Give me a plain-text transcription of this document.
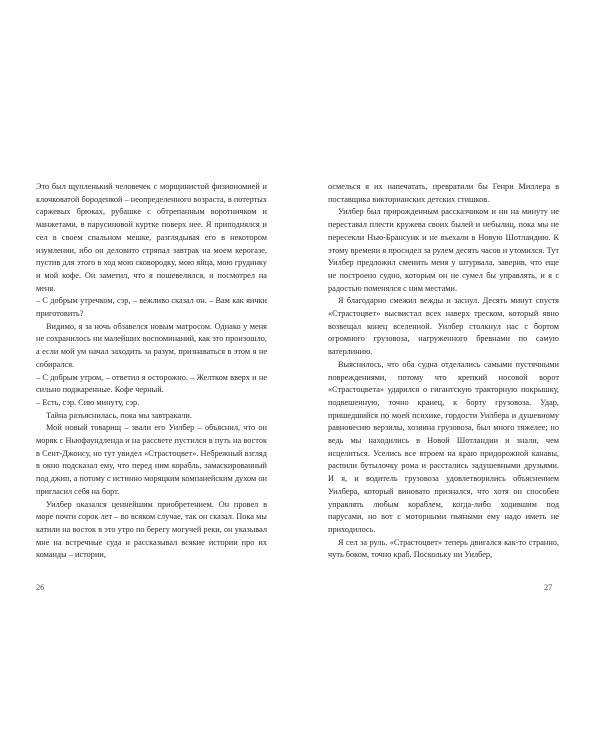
Это был щупленький человечек с морщинистой физиономией и клочковатой бороденкой – неопределенного возраста, в потертых саржевых брюках, рубашке с обтрепанным воротничком и манжетами, в парусиновой куртке поверх нее. Я приподнялся и сел в своем спальном мешке, разглядывая его в некотором изумлении, ибо он деловито стряпал завтрак на моем керогазе, пустив для этого в ход мою сковородку, мою яйца, мою грудинку и мой кофе. Он заметил, что я пошевелился, и посмотрел на меня.

– С добрым утречком, сэр, – вежливо сказал он. – Вам как яички приготовить?

Видимо, я за ночь обзавелся новым матросом. Однако у меня не сохранилось ни малейших воспоминаний, как это произошло, а если мой ум начал заходить за разум, признаваться в этом я не собирался.

– С добрым утром, – ответил я осторожно. – Желтком вверх и не сильно поджаренные. Кофе черный.

– Есть, сэр. Сию минуту, сэр.

Тайна разъяснилась, пока мы завтракали.

Мой новый товарищ – звали его Уилбер – объяснил, что он моряк с Ньюфаундленда и на рассвете пустился в путь на восток в Сент-Джонсу, но тут увидел «Страстоцвет». Небрежный взгляд в окно подсказал ему, что перед ним корабль, замаскированный под джип, а потому с истинно моряцким компанейским духом он пригласил себя на борт.

Уилбер оказался ценнейшим приобретением. Он провел в море почти сорок лет – во всяком случае, так он сказал. Пока мы катили на восток в это утро по берегу могучей реки, он указывал мне на встречные суда и рассказывал всякие истории про их команды – истории,

26

осмелься я их напечатать, превратили бы Генри Миллера в поставщика викторианских детских стишков.

Уилбер был прирожденным рассказчиком и ни на минуту не переставал плести кружева своих былей и небылиц, пока мы не пересекли Нью-Брансуик и не въехали в Новую Шотландию. К этому времени я просидел за рулем десять часов и утомился. Тут Уилбер предложил сменить меня у штурвала, заверив, что еще не построено судно, которым он не сумел бы управлять, и я с радостью поменялся с ним местами.

Я благодарно смежил вежды и заснул. Десять минут спустя «Страстоцвет» высвистал всех наверх треском, который явно возвещал конец вселенной. Уилбер столкнул нас с бортом огромного грузовоза, нагруженного бревнами по самую ватерлинию.

Выяснилось, что оба судна отделались самыми пустячными повреждениями, потому что крепкий носовой ворот «Страстоцвета» ударился о гигантскую тракторную покрышку, подвешенную, точно кранец, к борту грузовоза. Удар, пришедшийся по моей психике, гордости Уилбера и душевному равновесию верзилы, хозяина грузовоза, был много тяжелее; но ведь мы находились в Новой Шотландии и знали, чем исцелиться. Уселись все втроем на краю придорожной канавы, распили бутылочку рома и расстались задушевными друзьями. И я, и водитель грузовоза удовлетворились объяснением Уилбера, который виновато признался, что хотя он способен управлять любым кораблем, когда-либо ходившим под парусами, но вот с моторными пьяными ему надо иметь не приходилось.

Я сел за руль. «Страстоцвет» теперь двигался как-то странно, чуть боком, точно краб. Поскольку ни Уилбер,

27
